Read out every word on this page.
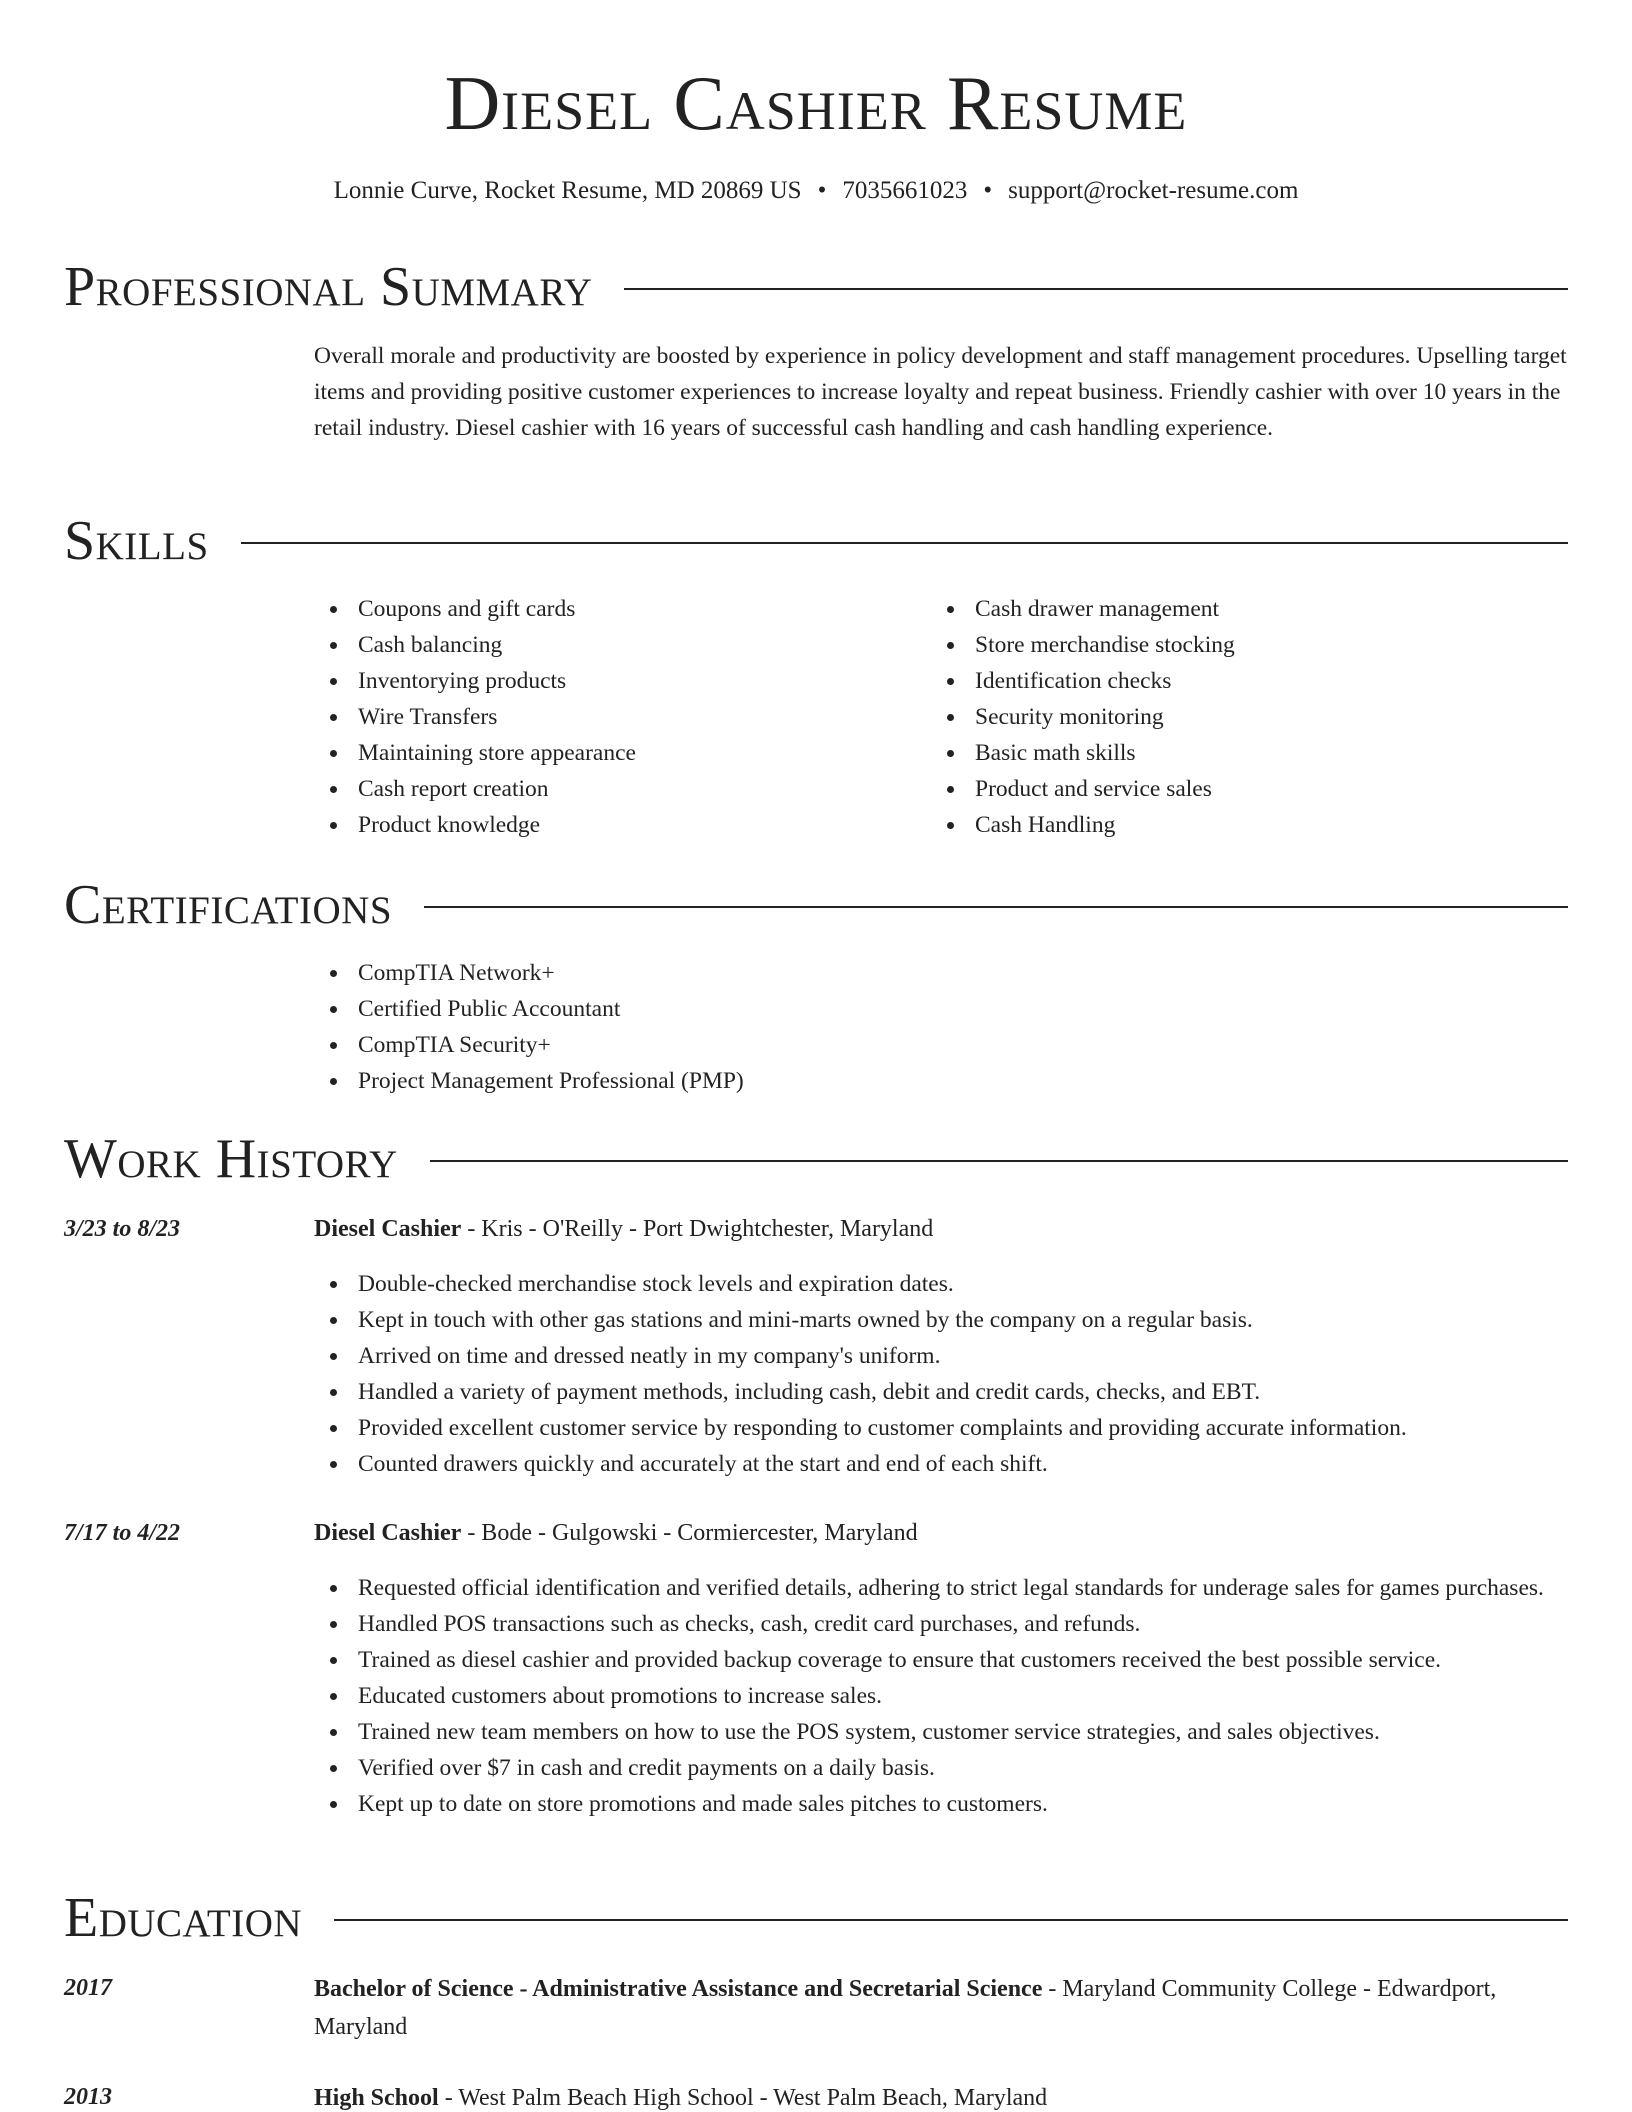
Diesel Cashier Resume
Lonnie Curve, Rocket Resume, MD 20869 US • 7035661023 • support@rocket-resume.com
Professional Summary
Overall morale and productivity are boosted by experience in policy development and staff management procedures. Upselling target items and providing positive customer experiences to increase loyalty and repeat business. Friendly cashier with over 10 years in the retail industry. Diesel cashier with 16 years of successful cash handling and cash handling experience.
Skills
Coupons and gift cards
Cash balancing
Inventorying products
Wire Transfers
Maintaining store appearance
Cash report creation
Product knowledge
Cash drawer management
Store merchandise stocking
Identification checks
Security monitoring
Basic math skills
Product and service sales
Cash Handling
Certifications
CompTIA Network+
Certified Public Accountant
CompTIA Security+
Project Management Professional (PMP)
Work History
3/23 to 8/23	Diesel Cashier - Kris - O'Reilly - Port Dwightchester, Maryland
Double-checked merchandise stock levels and expiration dates.
Kept in touch with other gas stations and mini-marts owned by the company on a regular basis.
Arrived on time and dressed neatly in my company's uniform.
Handled a variety of payment methods, including cash, debit and credit cards, checks, and EBT.
Provided excellent customer service by responding to customer complaints and providing accurate information.
Counted drawers quickly and accurately at the start and end of each shift.
7/17 to 4/22	Diesel Cashier - Bode - Gulgowski - Cormiercester, Maryland
Requested official identification and verified details, adhering to strict legal standards for underage sales for games purchases.
Handled POS transactions such as checks, cash, credit card purchases, and refunds.
Trained as diesel cashier and provided backup coverage to ensure that customers received the best possible service.
Educated customers about promotions to increase sales.
Trained new team members on how to use the POS system, customer service strategies, and sales objectives.
Verified over $7 in cash and credit payments on a daily basis.
Kept up to date on store promotions and made sales pitches to customers.
Education
2017	Bachelor of Science - Administrative Assistance and Secretarial Science - Maryland Community College - Edwardport, Maryland
2013	High School - West Palm Beach High School - West Palm Beach, Maryland
